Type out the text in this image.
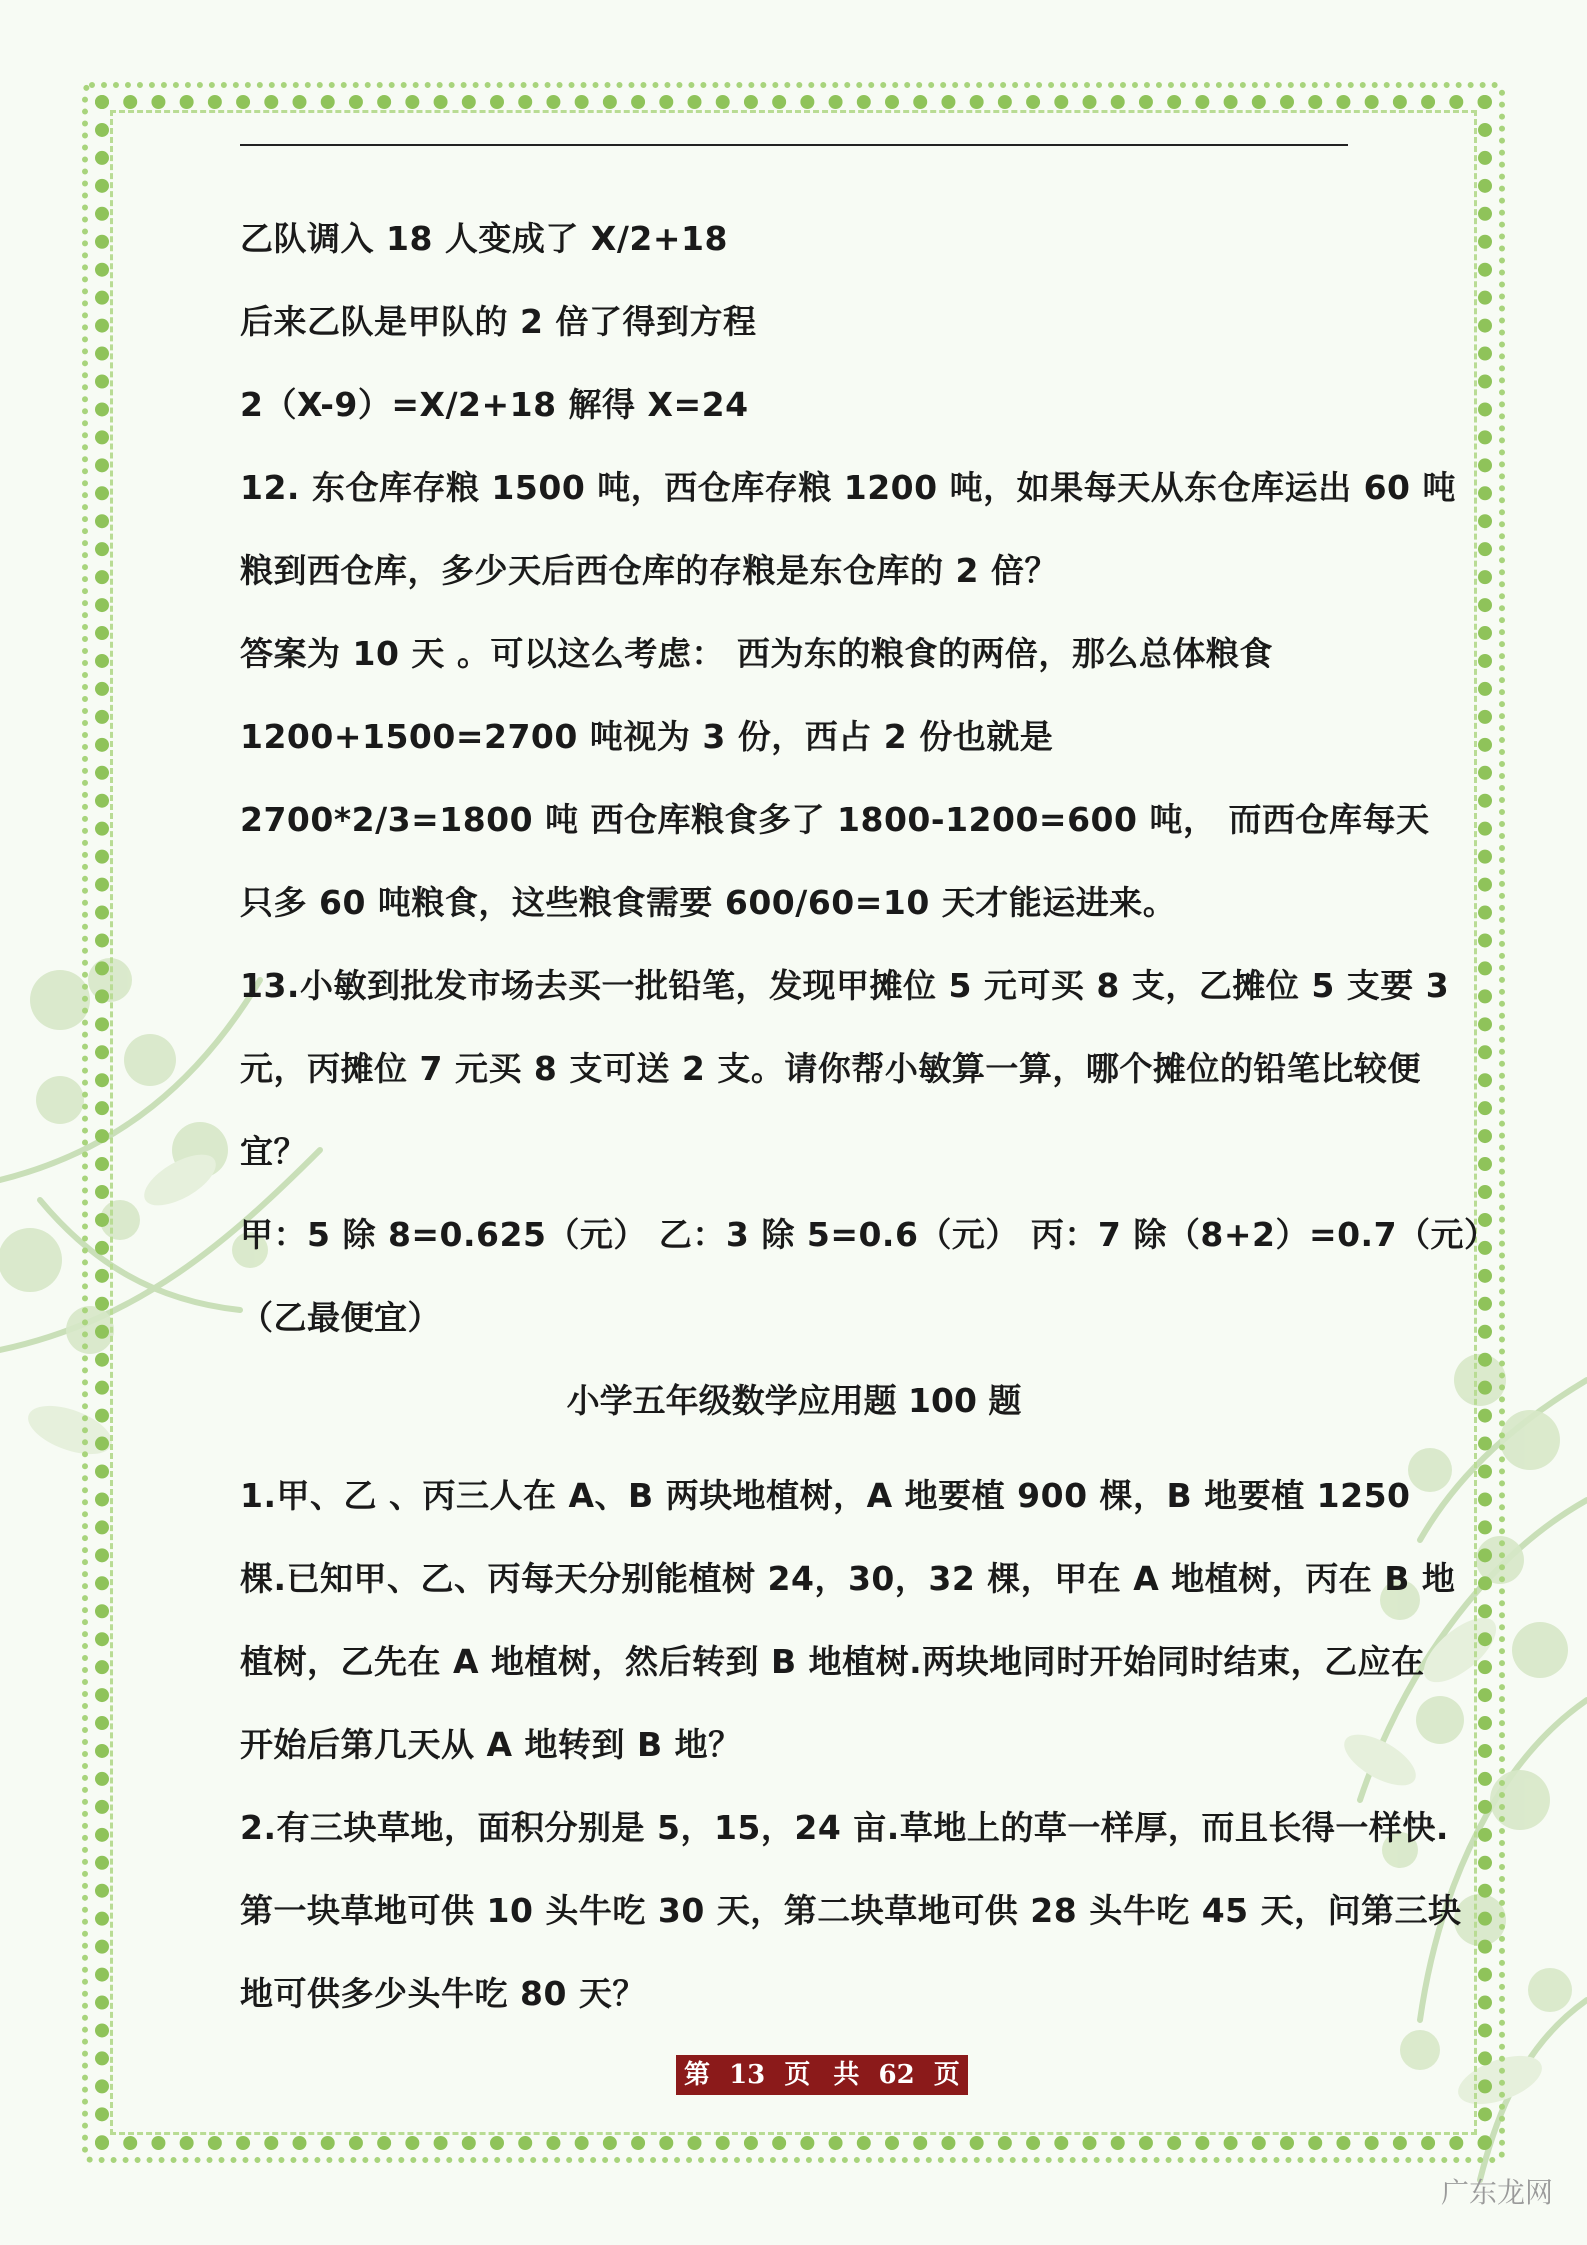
乙队调入 18 人变成了 X/2+18
后来乙队是甲队的 2 倍了得到方程
2（X-9）=X/2+18 解得 X=24
12. 东仓库存粮 1500 吨，西仓库存粮 1200 吨，如果每天从东仓库运出 60 吨
粮到西仓库，多少天后西仓库的存粮是东仓库的 2 倍？
答案为 10 天 。可以这么考虑： 西为东的粮食的两倍，那么总体粮食
1200+1500=2700 吨视为 3 份，西占 2 份也就是
2700*2/3=1800 吨 西仓库粮食多了 1800-1200=600 吨， 而西仓库每天
只多 60 吨粮食，这些粮食需要 600/60=10 天才能运进来。
13.小敏到批发市场去买一批铅笔，发现甲摊位 5 元可买 8 支，乙摊位 5 支要 3
元，丙摊位 7 元买 8 支可送 2 支。请你帮小敏算一算，哪个摊位的铅笔比较便
宜？
甲：5 除 8=0.625（元） 乙：3 除 5=0.6（元） 丙：7 除（8+2）=0.7（元）
（乙最便宜）
小学五年级数学应用题 100 题
1.甲、乙 、丙三人在 A、B 两块地植树，A 地要植 900 棵，B 地要植 1250
棵.已知甲、乙、丙每天分别能植树 24，30，32 棵，甲在 A 地植树，丙在 B 地
植树，乙先在 A 地植树，然后转到 B 地植树.两块地同时开始同时结束，乙应在
开始后第几天从 A 地转到 B 地？
2.有三块草地，面积分别是 5，15，24 亩.草地上的草一样厚，而且长得一样快.
第一块草地可供 10 头牛吃 30 天，第二块草地可供 28 头牛吃 45 天，问第三块
地可供多少头牛吃 80 天？
第 13 页 共 62 页
广东龙网
